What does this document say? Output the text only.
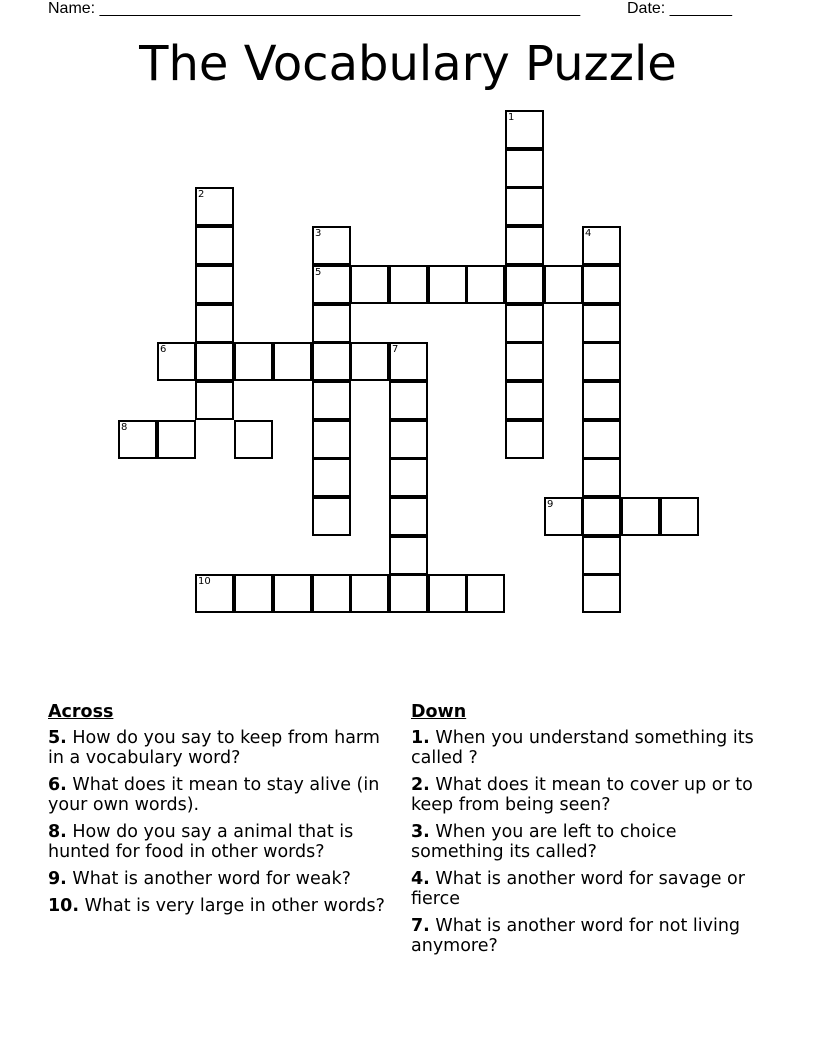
Name: ______________________________________________________	Date: _______
The Vocabulary Puzzle
1
2
3
5
4
6	7
8
9
10
Across
5. How do you say to keep from harm in a vocabulary word?
6. What does it mean to stay alive (in your own words).
8. How do you say a animal that is hunted for food in other words?
9. What is another word for weak?
10. What is very large in other words?
Down
1. When you understand something its called ?
2. What does it mean to cover up or to keep from being seen?
3. When you are left to choice something its called?
4. What is another word for savage or fierce
7. What is another word for not living anymore?
